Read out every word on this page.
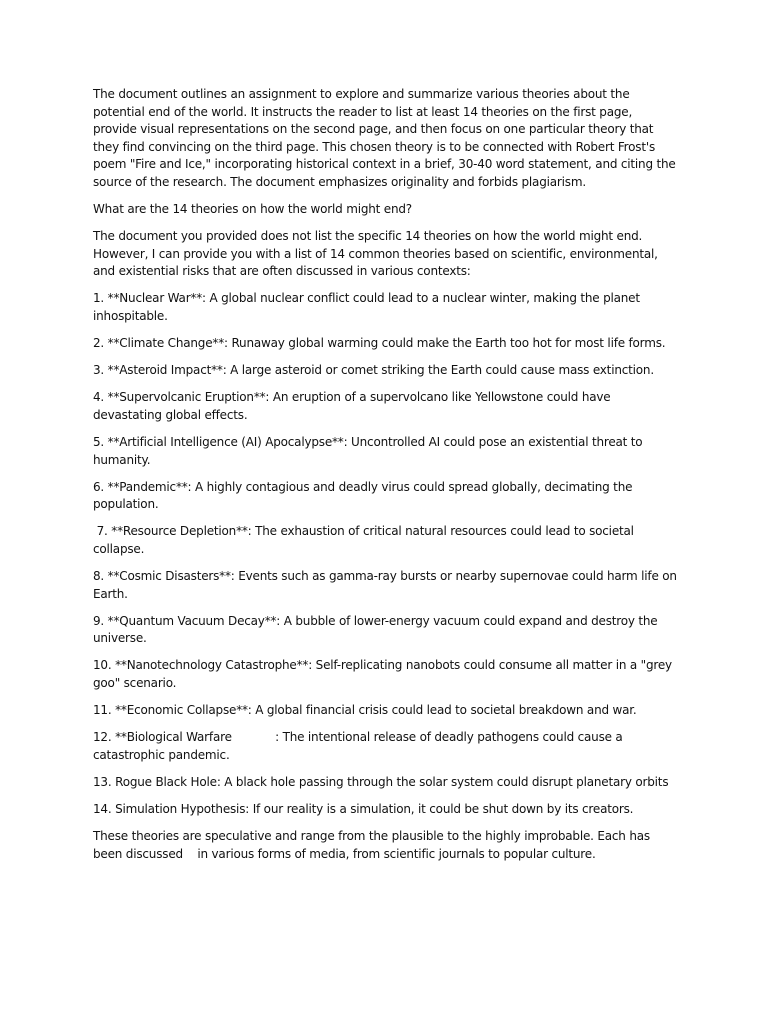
The document outlines an assignment to explore and summarize various theories about the potential end of the world. It instructs the reader to list at least 14 theories on the first page, provide visual representations on the second page, and then focus on one particular theory that they find convincing on the third page. This chosen theory is to be connected with Robert Frost's poem "Fire and Ice," incorporating historical context in a brief, 30-40 word statement, and citing the source of the research. The document emphasizes originality and forbids plagiarism.

What are the 14 theories on how the world might end?

The document you provided does not list the specific 14 theories on how the world might end. However, I can provide you with a list of 14 common theories based on scientific, environmental, and existential risks that are often discussed in various contexts:

1. **Nuclear War**: A global nuclear conflict could lead to a nuclear winter, making the planet inhospitable.

2. **Climate Change**: Runaway global warming could make the Earth too hot for most life forms.

3. **Asteroid Impact**: A large asteroid or comet striking the Earth could cause mass extinction.

4. **Supervolcanic Eruption**: An eruption of a supervolcano like Yellowstone could have devastating global effects.

5. **Artificial Intelligence (AI) Apocalypse**: Uncontrolled AI could pose an existential threat to humanity.

6. **Pandemic**: A highly contagious and deadly virus could spread globally, decimating the population.

7. **Resource Depletion**: The exhaustion of critical natural resources could lead to societal collapse.

8. **Cosmic Disasters**: Events such as gamma-ray bursts or nearby supernovae could harm life on Earth.

9. **Quantum Vacuum Decay**: A bubble of lower-energy vacuum could expand and destroy the universe.

10. **Nanotechnology Catastrophe**: Self-replicating nanobots could consume all matter in a "grey goo" scenario.

11. **Economic Collapse**: A global financial crisis could lead to societal breakdown and war.

12. **Biological Warfare            : The intentional release of deadly pathogens could cause a catastrophic pandemic.

13. Rogue Black Hole: A black hole passing through the solar system could disrupt planetary orbits

14. Simulation Hypothesis: If our reality is a simulation, it could be shut down by its creators.

These theories are speculative and range from the plausible to the highly improbable. Each has been discussed    in various forms of media, from scientific journals to popular culture.
